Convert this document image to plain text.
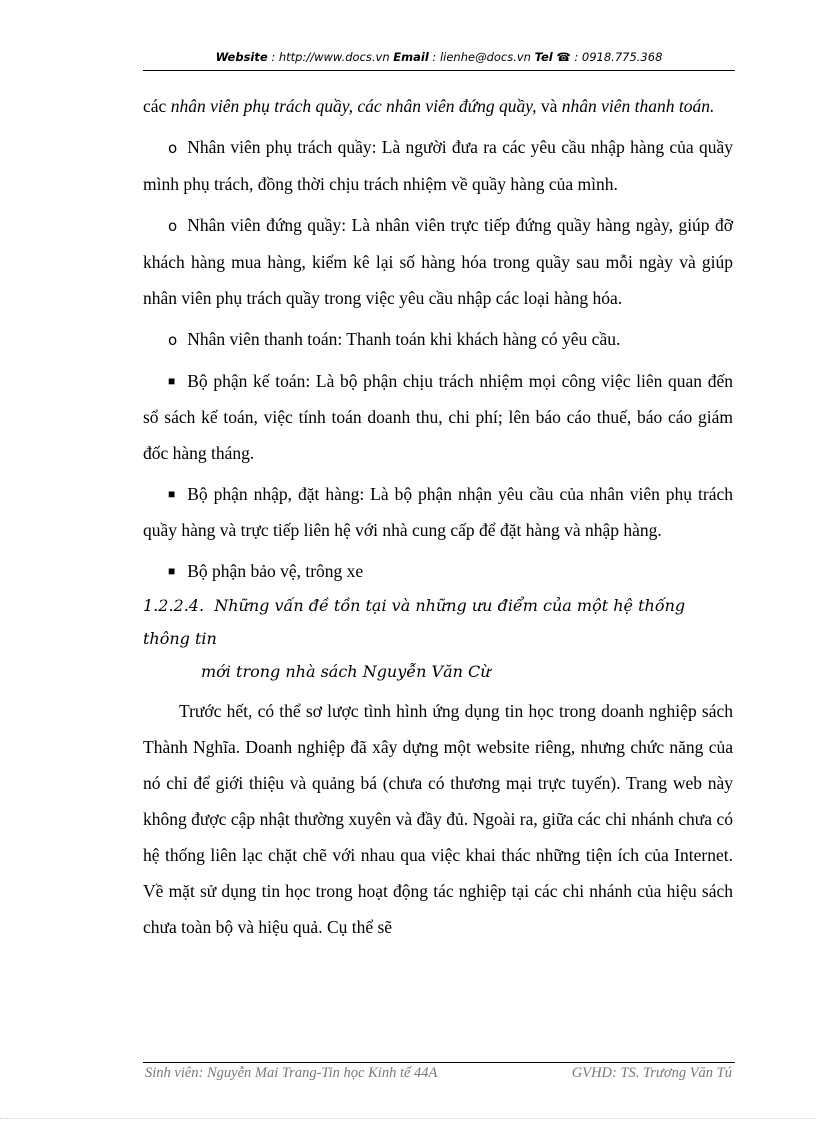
Website : http://www.docs.vn Email : lienhe@docs.vn Tel ☎ : 0918.775.368

các nhân viên phụ trách quầy, các nhân viên đứng quầy, và nhân viên thanh toán.

o Nhân viên phụ trách quầy: Là người đưa ra các yêu cầu nhập hàng của quầy mình phụ trách, đồng thời chịu trách nhiệm về quầy hàng của mình.

o Nhân viên đứng quầy: Là nhân viên trực tiếp đứng quầy hàng ngày, giúp đỡ khách hàng mua hàng, kiểm kê lại số hàng hóa trong quầy sau mỗi ngày và giúp nhân viên phụ trách quầy trong việc yêu cầu nhập các loại hàng hóa.

o Nhân viên thanh toán: Thanh toán khi khách hàng có yêu cầu.

■ Bộ phận kế toán: Là bộ phận chịu trách nhiệm mọi công việc liên quan đến sổ sách kế toán, việc tính toán doanh thu, chi phí; lên báo cáo thuế, báo cáo giám đốc hàng tháng.

■ Bộ phận nhập, đặt hàng: Là bộ phận nhận yêu cầu của nhân viên phụ trách quầy hàng và trực tiếp liên hệ với nhà cung cấp để đặt hàng và nhập hàng.

■ Bộ phận bảo vệ, trông xe

1.2.2.4. Những vấn đề tồn tại và những ưu điểm của một hệ thống thông tin

mới trong nhà sách Nguyễn Văn Cừ

Trước hết, có thể sơ lược tình hình ứng dụng tin học trong doanh nghiệp sách Thành Nghĩa. Doanh nghiệp đã xây dựng một website riêng, nhưng chức năng của nó chỉ để giới thiệu và quảng bá (chưa có thương mại trực tuyến). Trang web này không được cập nhật thường xuyên và đầy đủ. Ngoài ra, giữa các chi nhánh chưa có hệ thống liên lạc chặt chẽ với nhau qua việc khai thác những tiện ích của Internet. Về mặt sử dụng tin học trong hoạt động tác nghiệp tại các chi nhánh của hiệu sách chưa toàn bộ và hiệu quả. Cụ thể sẽ

Sinh viên: Nguyễn Mai Trang-Tin học Kinh tế 44A	GVHD: TS. Trương Văn Tú
